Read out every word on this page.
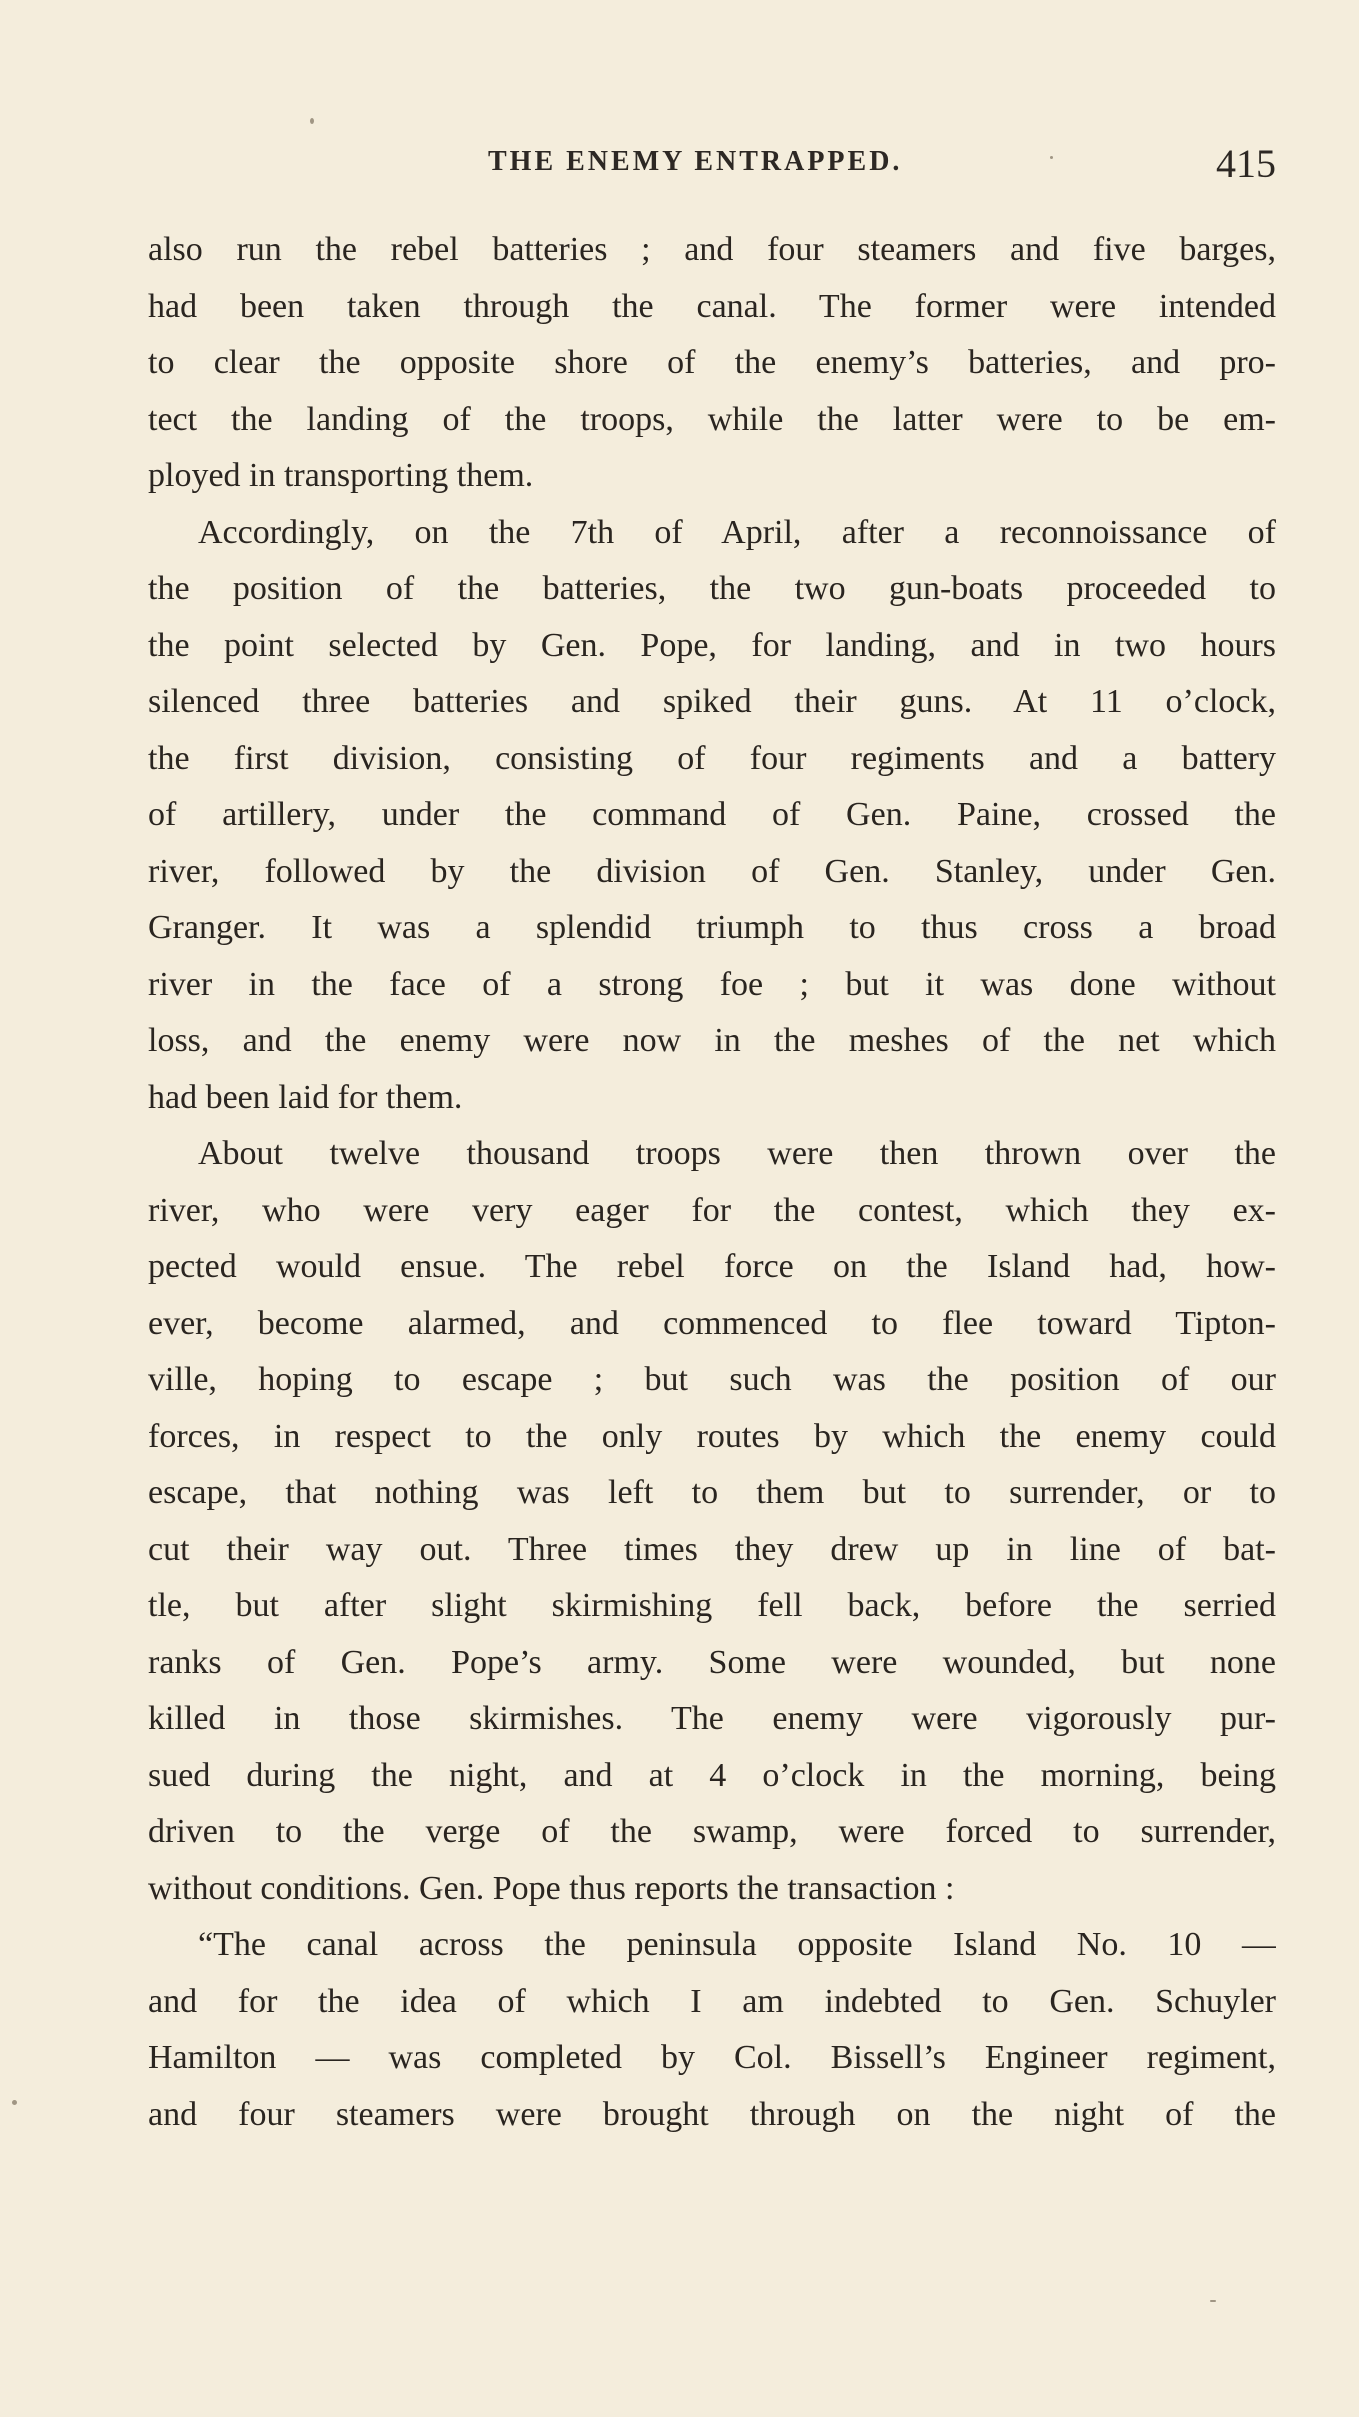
THE ENEMY ENTRAPPED.	415
also run the rebel batteries ; and four steamers and five barges,
had been taken through the canal. The former were intended
to clear the opposite shore of the enemy’s batteries, and pro-
tect the landing of the troops, while the latter were to be em-
ployed in transporting them.
Accordingly, on the 7th of April, after a reconnoissance of
the position of the batteries, the two gun-boats proceeded to
the point selected by Gen. Pope, for landing, and in two hours
silenced three batteries and spiked their guns. At 11 o’clock,
the first division, consisting of four regiments and a battery
of artillery, under the command of Gen. Paine, crossed the
river, followed by the division of Gen. Stanley, under Gen.
Granger. It was a splendid triumph to thus cross a broad
river in the face of a strong foe ; but it was done without
loss, and the enemy were now in the meshes of the net which
had been laid for them.
About twelve thousand troops were then thrown over the
river, who were very eager for the contest, which they ex-
pected would ensue. The rebel force on the Island had, how-
ever, become alarmed, and commenced to flee toward Tipton-
ville, hoping to escape ; but such was the position of our
forces, in respect to the only routes by which the enemy could
escape, that nothing was left to them but to surrender, or to
cut their way out. Three times they drew up in line of bat-
tle, but after slight skirmishing fell back, before the serried
ranks of Gen. Pope’s army. Some were wounded, but none
killed in those skirmishes. The enemy were vigorously pur-
sued during the night, and at 4 o’clock in the morning, being
driven to the verge of the swamp, were forced to surrender,
without conditions. Gen. Pope thus reports the transaction :
“The canal across the peninsula opposite Island No. 10 —
and for the idea of which I am indebted to Gen. Schuyler
Hamilton — was completed by Col. Bissell’s Engineer regiment,
and four steamers were brought through on the night of the
